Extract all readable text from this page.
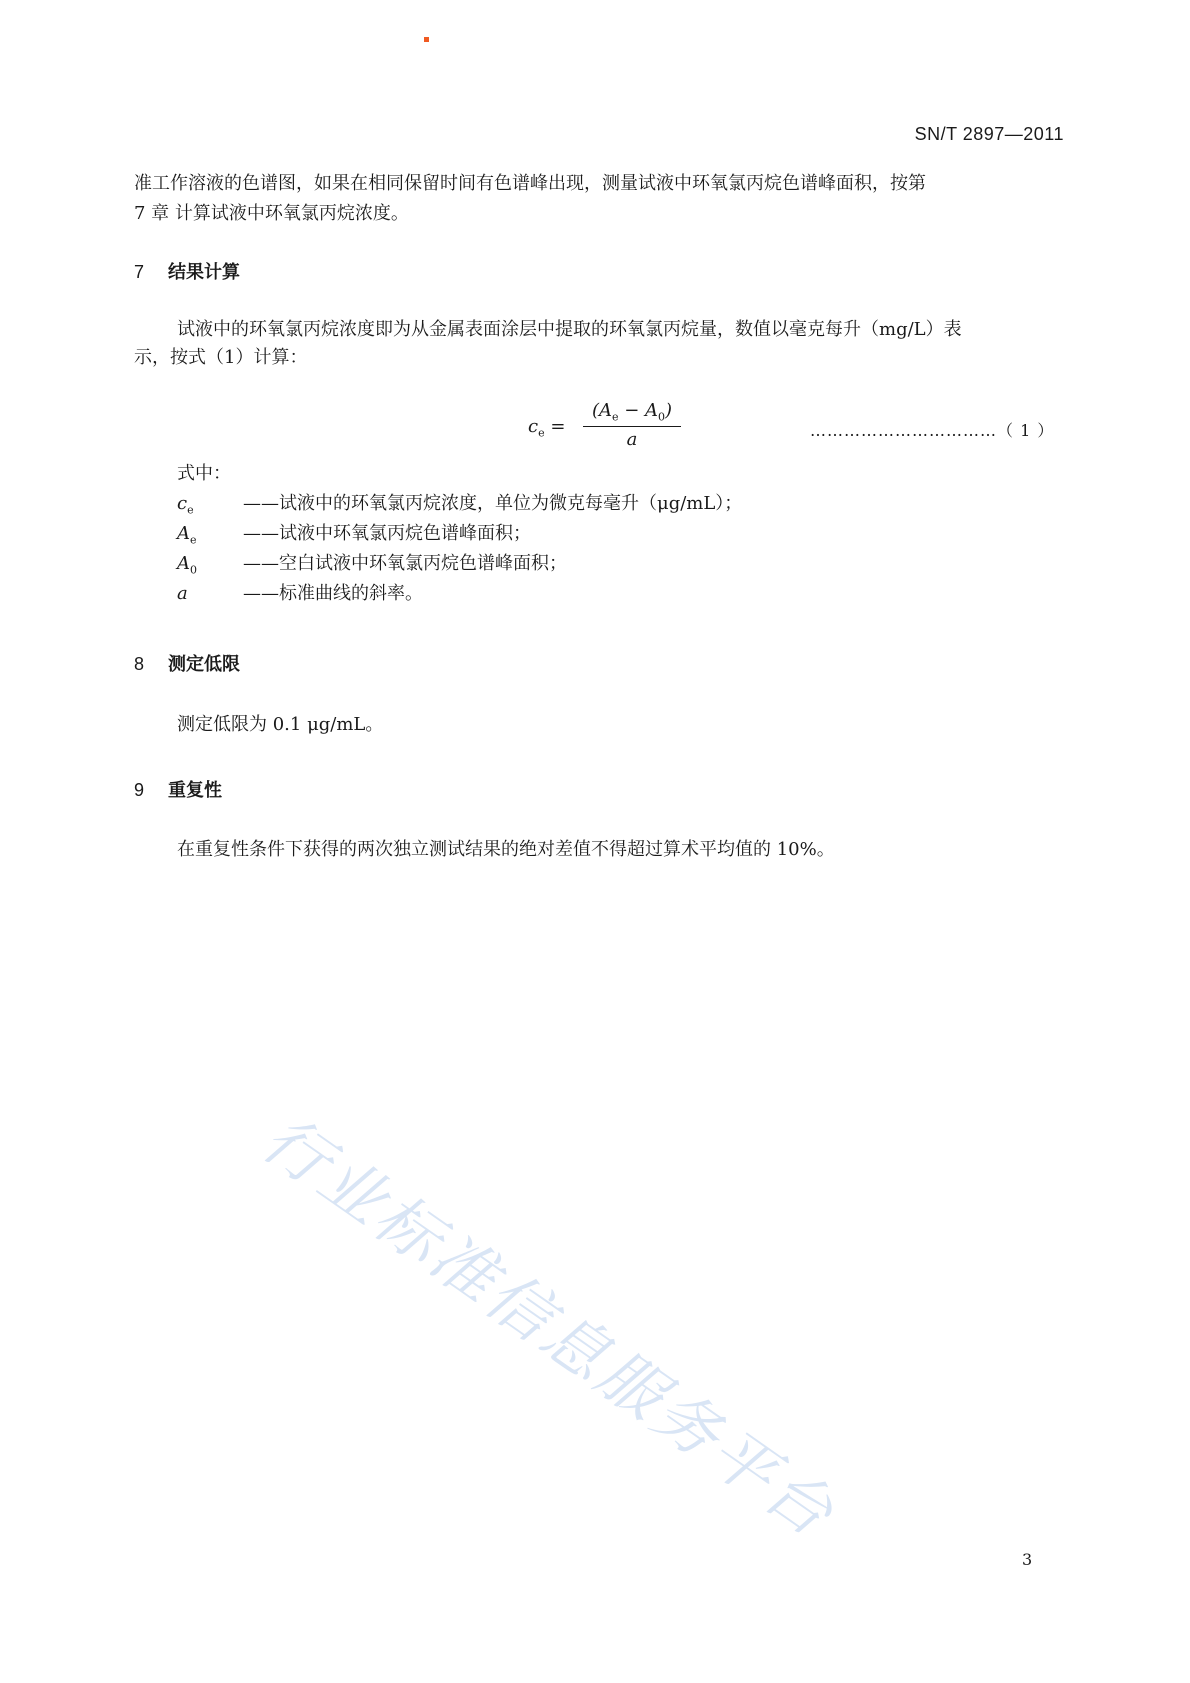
SN/T 2897—2011
准工作溶液的色谱图，如果在相同保留时间有色谱峰出现，测量试液中环氧氯丙烷色谱峰面积，按第
7 章 计算试液中环氧氯丙烷浓度。
7 结果计算
试液中的环氧氯丙烷浓度即为从金属表面涂层中提取的环氧氯丙烷量，数值以毫克每升（mg/L）表
示，按式（1）计算：
$c_e = \frac{(A_e - A_0)}{a}$	……………………………（ 1 ）
式中：
$c_e$	——试液中的环氧氯丙烷浓度，单位为微克每毫升（μg/mL）；
$A_e$	——试液中环氧氯丙烷色谱峰面积；
$A_0$	——空白试液中环氧氯丙烷色谱峰面积；
a	——标准曲线的斜率。
8 测定低限
测定低限为 0.1 μg/mL。
9 重复性
在重复性条件下获得的两次独立测试结果的绝对差值不得超过算术平均值的 10%。
行业标准信息服务平台
3
